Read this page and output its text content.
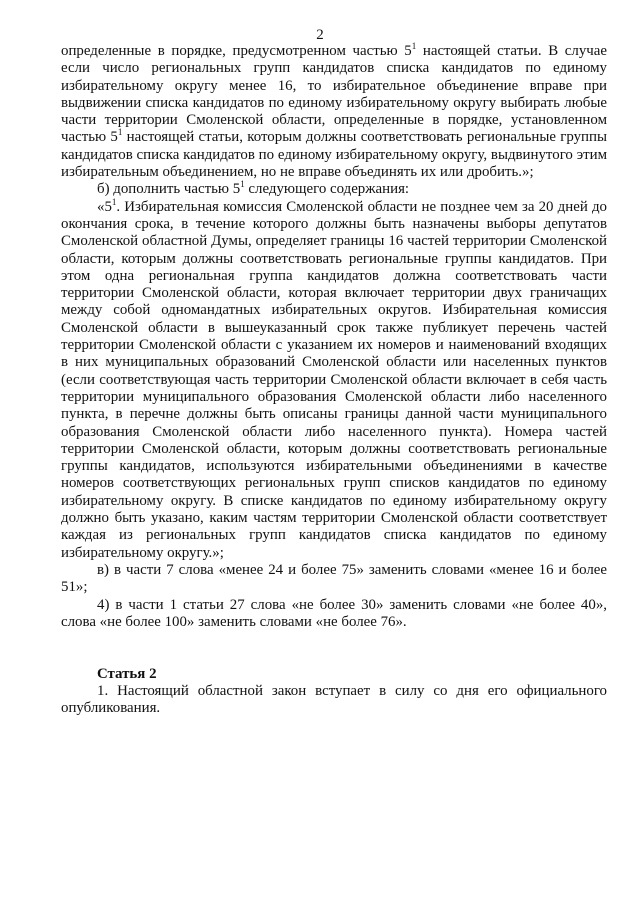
2

определенные в порядке, предусмотренном частью $5^1$ настоящей статьи. В случае если число региональных групп кандидатов списка кандидатов по единому избирательному округу менее 16, то избирательное объединение вправе при выдвижении списка кандидатов по единому избирательному округу выбирать любые части территории Смоленской области, определенные в порядке, установленном частью $5^1$ настоящей статьи, которым должны соответствовать региональные группы кандидатов списка кандидатов по единому избирательному округу, выдвинутого этим избирательным объединением, но не вправе объединять их или дробить.»;

б) дополнить частью $5^1$ следующего содержания:

«$5^1$. Избирательная комиссия Смоленской области не позднее чем за 20 дней до окончания срока, в течение которого должны быть назначены выборы депутатов Смоленской областной Думы, определяет границы 16 частей территории Смоленской области, которым должны соответствовать региональные группы кандидатов. При этом одна региональная группа кандидатов должна соответствовать части территории Смоленской области, которая включает территории двух граничащих между собой одномандатных избирательных округов. Избирательная комиссия Смоленской области в вышеуказанный срок также публикует перечень частей территории Смоленской области с указанием их номеров и наименований входящих в них муниципальных образований Смоленской области или населенных пунктов (если соответствующая часть территории Смоленской области включает в себя часть территории муниципального образования Смоленской области либо населенного пункта, в перечне должны быть описаны границы данной части муниципального образования Смоленской области либо населенного пункта). Номера частей территории Смоленской области, которым должны соответствовать региональные группы кандидатов, используются избирательными объединениями в качестве номеров соответствующих региональных групп списков кандидатов по единому избирательному округу. В списке кандидатов по единому избирательному округу должно быть указано, каким частям территории Смоленской области соответствует каждая из региональных групп кандидатов списка кандидатов по единому избирательному округу.»;

в) в части 7 слова «менее 24 и более 75» заменить словами «менее 16 и более 51»;

4) в части 1 статьи 27 слова «не более 30» заменить словами «не более 40», слова «не более 100» заменить словами «не более 76».

Статья 2

1. Настоящий областной закон вступает в силу со дня его официального опубликования.
